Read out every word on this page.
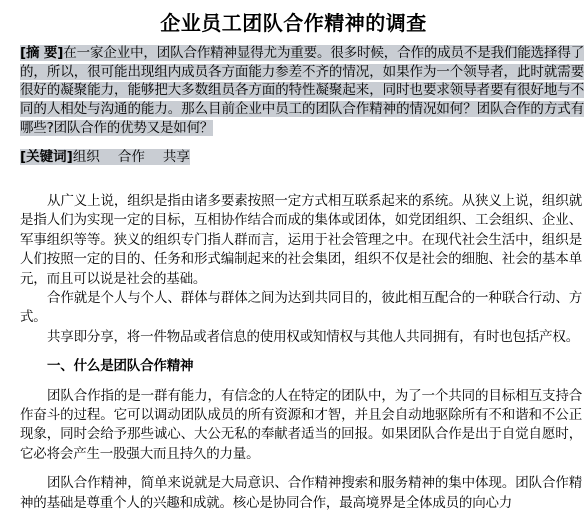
企业员工团队合作精神的调查
[摘 要]在一家企业中，团队合作精神显得尤为重要。很多时候，合作的成员不是我们能选择得了的，所以，很可能出现组内成员各方面能力参差不齐的情况，如果作为一个领导者，此时就需要很好的凝聚能力，能够把大多数组员各方面的特性凝聚起来，同时也要求领导者要有很好地与不同的人相处与沟通的能力。那么目前企业中员工的团队合作精神的情况如何？团队合作的方式有哪些?团队合作的优势又是如何？
[关键词]组织 合作 共享

从广义上说，组织是指由诸多要素按照一定方式相互联系起来的系统。从狭义上说，组织就是指人们为实现一定的目标，互相协作结合而成的集体或团体，如党团组织、工会组织、企业、军事组织等等。狭义的组织专门指人群而言，运用于社会管理之中。在现代社会生活中，组织是人们按照一定的目的、任务和形式编制起来的社会集团，组织不仅是社会的细胞、社会的基本单元，而且可以说是社会的基础。

合作就是个人与个人、群体与群体之间为达到共同目的，彼此相互配合的一种联合行动、方式。

共享即分享，将一件物品或者信息的使用权或知情权与其他人共同拥有，有时也包括产权。

一、什么是团队合作精神

团队合作指的是一群有能力，有信念的人在特定的团队中，为了一个共同的目标相互支持合作奋斗的过程。它可以调动团队成员的所有资源和才智，并且会自动地驱除所有不和谐和不公正现象，同时会给予那些诚心、大公无私的奉献者适当的回报。如果团队合作是出于自觉自愿时，它必将会产生一股强大而且持久的力量。

团队合作精神，简单来说就是大局意识、合作精神搜索和服务精神的集中体现。团队合作精神的基础是尊重个人的兴趣和成就。核心是协同合作，最高境界是全体成员的向心力
